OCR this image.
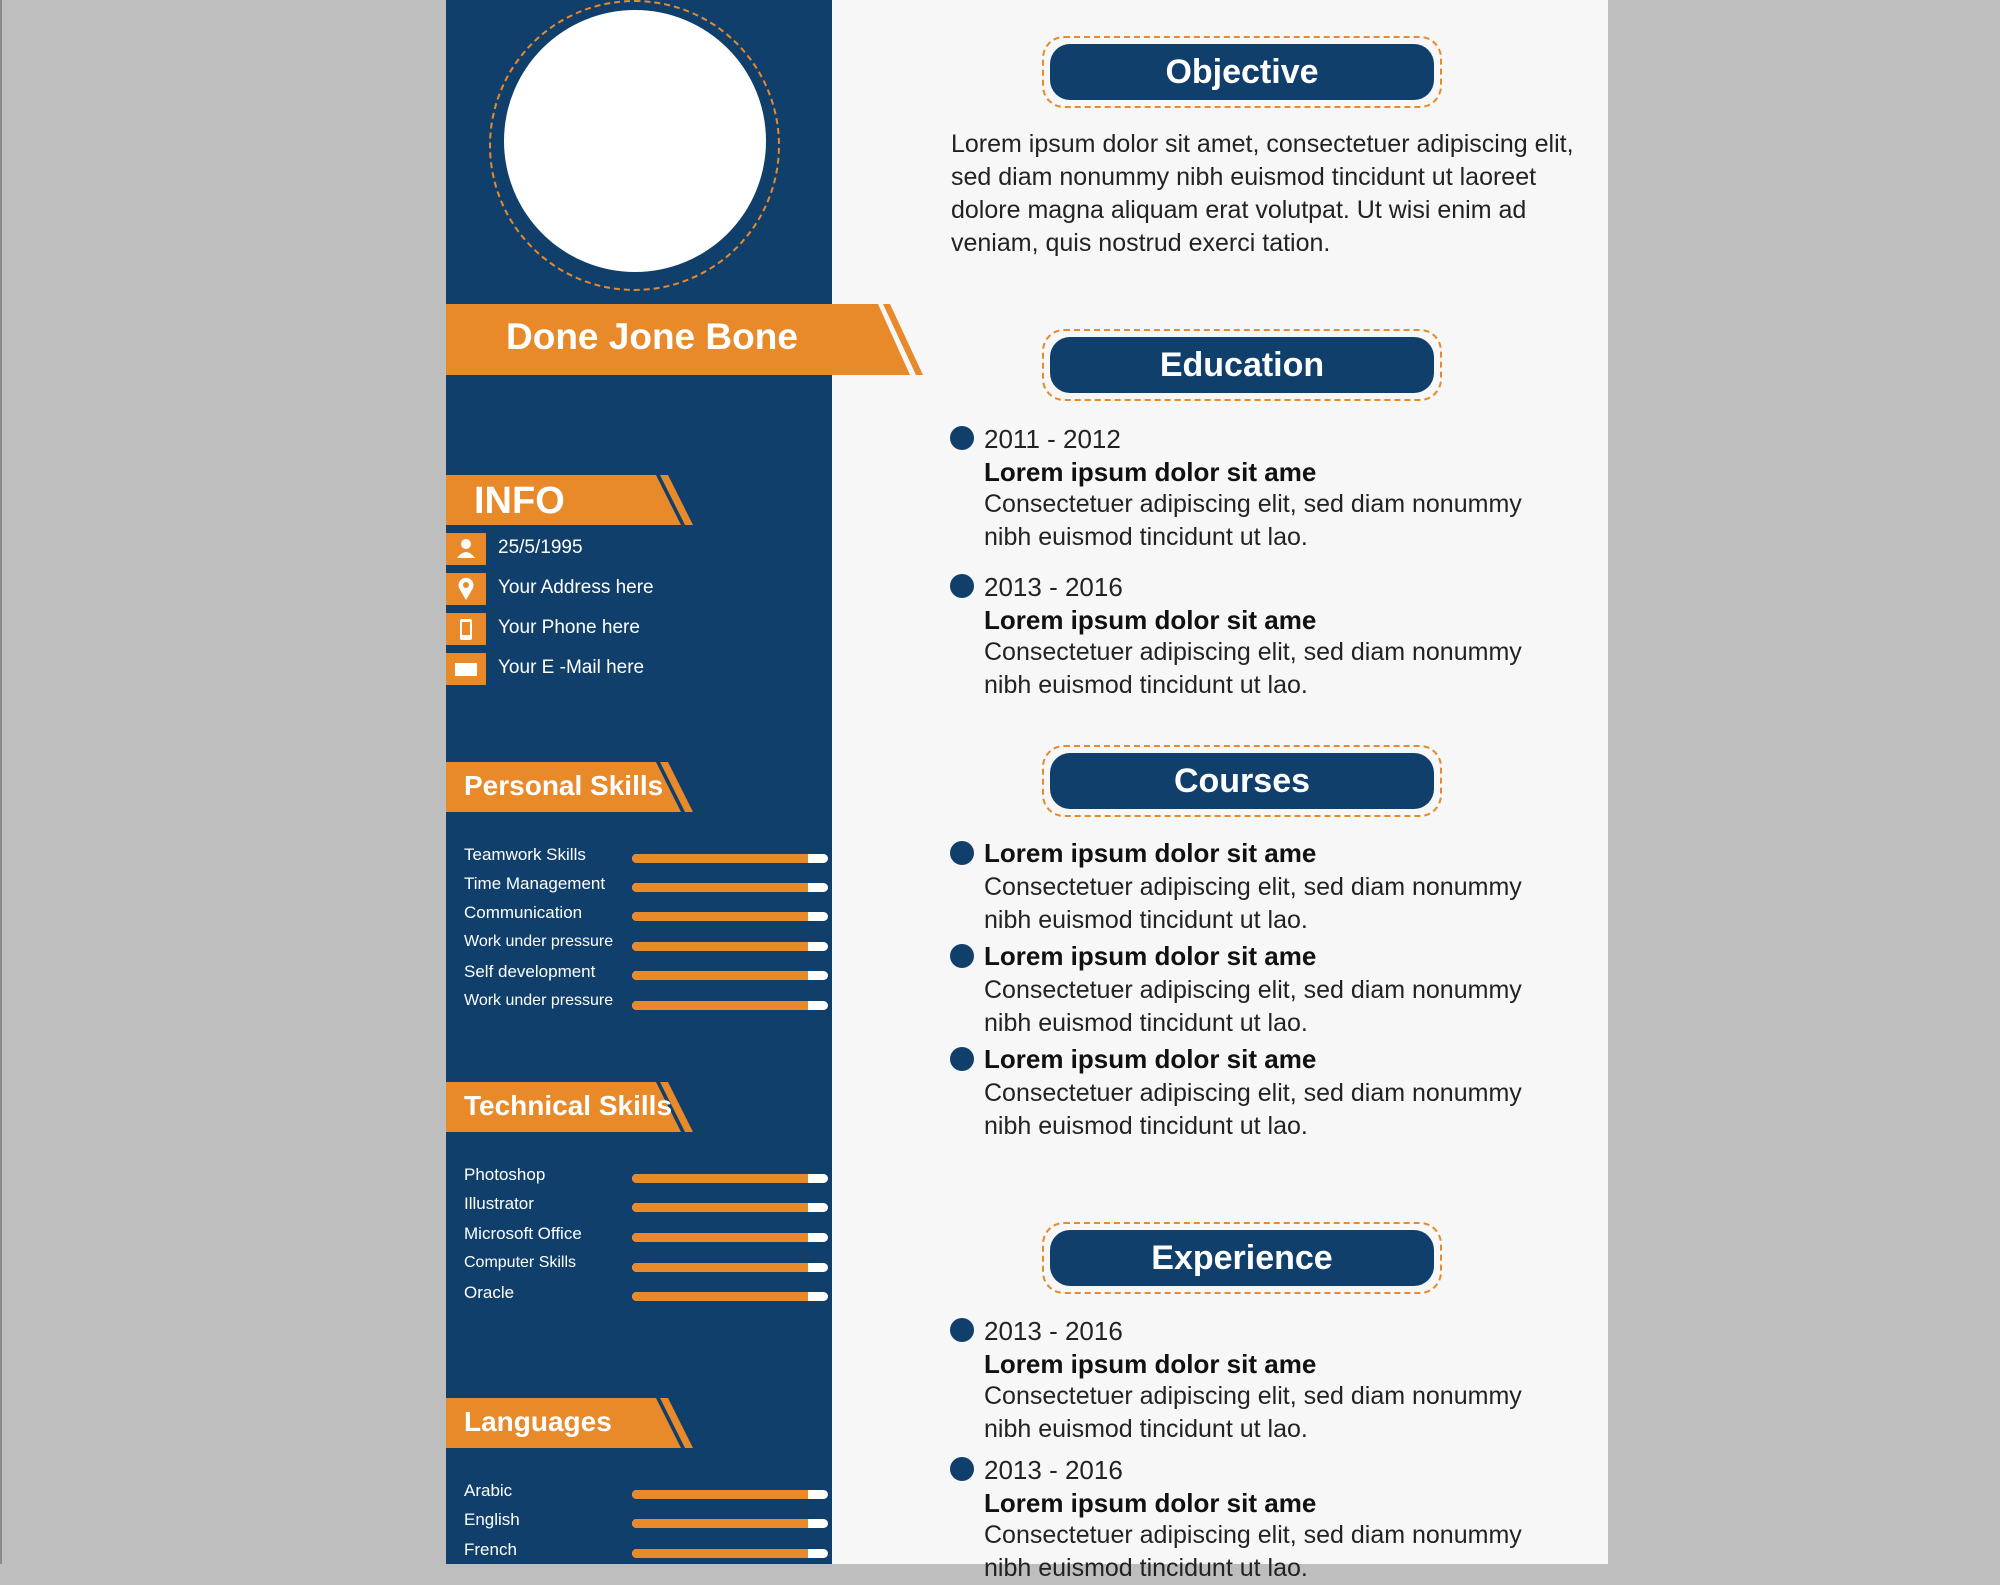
INFO
25/5/1995
Your Address here
Your Phone here
Your E -Mail here
Personal Skills
Teamwork Skills
Time Management
Communication
Work under pressure
Self development
Work under pressure
Technical Skills
Photoshop
Illustrator
Microsoft Office
Computer Skills
Oracle
Languages
Arabic
English
French
Done Jone Bone
Objective
Lorem ipsum dolor sit amet, consectetuer adipiscing elit,
sed diam nonummy nibh euismod tincidunt ut laoreet
dolore magna aliquam erat volutpat. Ut wisi enim ad
veniam, quis nostrud exerci tation.
Education
2011 - 2012
Lorem ipsum dolor sit ame
Consectetuer adipiscing elit, sed diam nonummy nibh euismod tincidunt ut lao.
2013 - 2016
Lorem ipsum dolor sit ame
Consectetuer adipiscing elit, sed diam nonummy nibh euismod tincidunt ut lao.
Courses
Lorem ipsum dolor sit ame
Consectetuer adipiscing elit, sed diam nonummy nibh euismod tincidunt ut lao.
Lorem ipsum dolor sit ame
Consectetuer adipiscing elit, sed diam nonummy nibh euismod tincidunt ut lao.
Lorem ipsum dolor sit ame
Consectetuer adipiscing elit, sed diam nonummy nibh euismod tincidunt ut lao.
Experience
2013 - 2016
Lorem ipsum dolor sit ame
Consectetuer adipiscing elit, sed diam nonummy nibh euismod tincidunt ut lao.
2013 - 2016
Lorem ipsum dolor sit ame
Consectetuer adipiscing elit, sed diam nonummy nibh euismod tincidunt ut lao.
